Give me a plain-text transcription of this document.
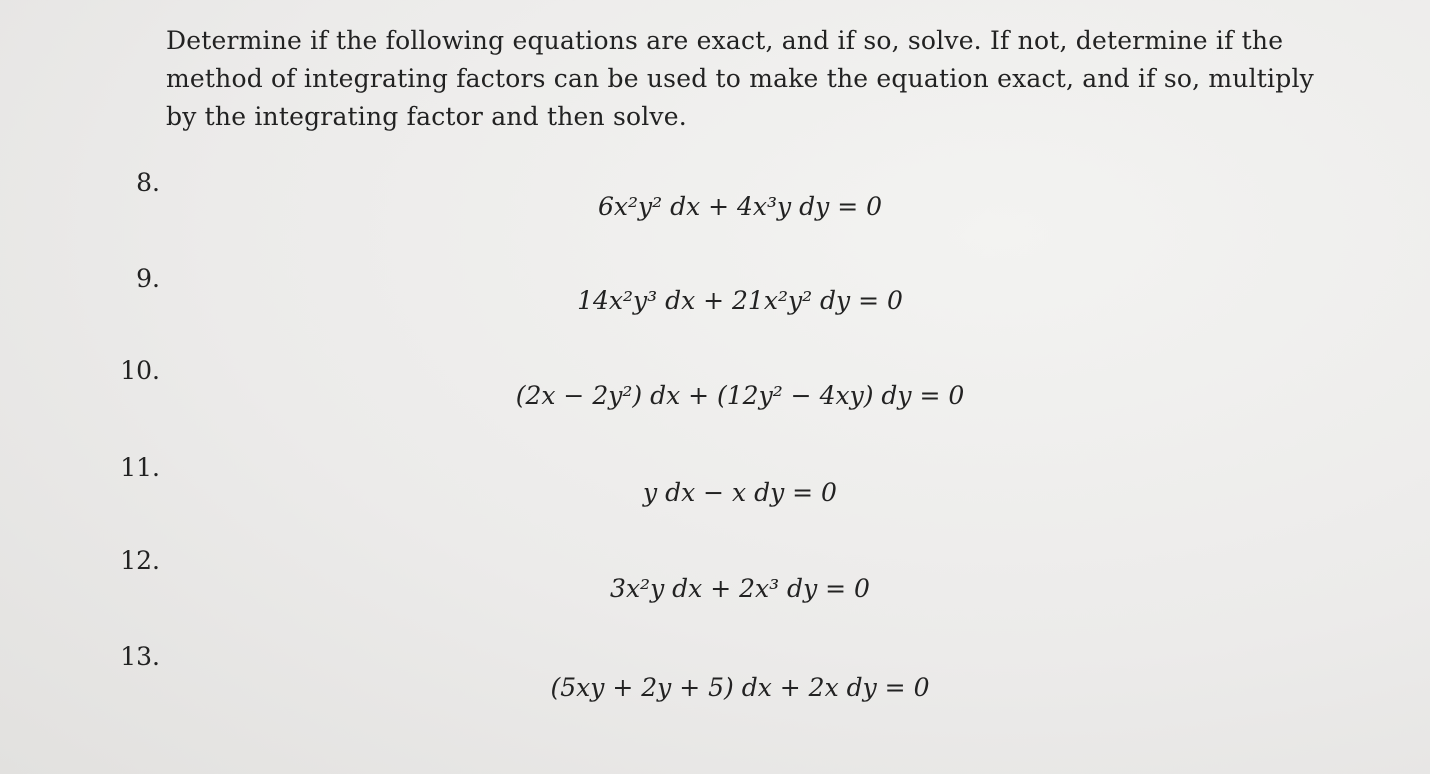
Determine if the following equations are exact, and if so, solve. If not, determine if the method of integrating factors can be used to make the equation exact, and if so, multiply by the integrating factor and then solve.

8.
6x²y² dx + 4x³y dy = 0
9.
14x²y³ dx + 21x²y² dy = 0
10.
(2x − 2y²) dx + (12y² − 4xy) dy = 0
11.
y dx − x dy = 0
12.
3x²y dx + 2x³ dy = 0
13.
(5xy + 2y + 5) dx + 2x dy = 0
